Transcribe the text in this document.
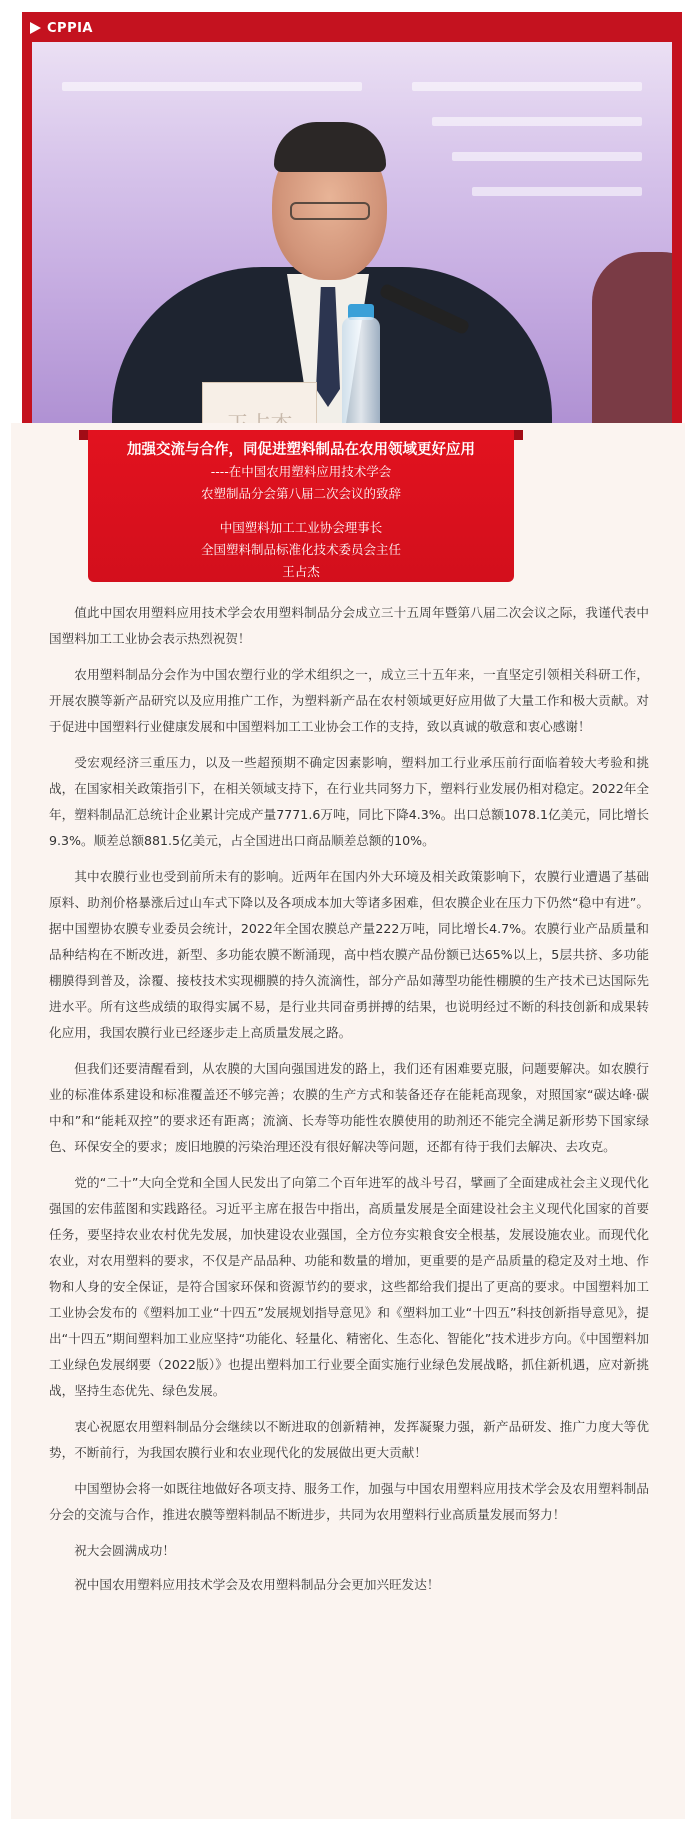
CPPIA
加强交流与合作，同促进塑料制品在农用领域更好应用
----在中国农用塑料应用技术学会
农塑制品分会第八届二次会议的致辞
中国塑料加工工业协会理事长
全国塑料制品标准化技术委员会主任
王占杰

值此中国农用塑料应用技术学会农用塑料制品分会成立三十五周年暨第八届二次会议之际，我谨代表中国塑料加工工业协会表示热烈祝贺！

农用塑料制品分会作为中国农塑行业的学术组织之一，成立三十五年来，一直坚定引领相关科研工作，开展农膜等新产品研究以及应用推广工作，为塑料新产品在农村领域更好应用做了大量工作和极大贡献。对于促进中国塑料行业健康发展和中国塑料加工工业协会工作的支持，致以真诚的敬意和衷心感谢！

受宏观经济三重压力，以及一些超预期不确定因素影响，塑料加工行业承压前行面临着较大考验和挑战，在国家相关政策指引下，在相关领域支持下，在行业共同努力下，塑料行业发展仍相对稳定。2022年全年，塑料制品汇总统计企业累计完成产量7771.6万吨，同比下降4.3%。出口总额1078.1亿美元，同比增长9.3%。顺差总额881.5亿美元，占全国进出口商品顺差总额的10%。

其中农膜行业也受到前所未有的影响。近两年在国内外大环境及相关政策影响下，农膜行业遭遇了基础原料、助剂价格暴涨后过山车式下降以及各项成本加大等诸多困难，但农膜企业在压力下仍然“稳中有进”。据中国塑协农膜专业委员会统计，2022年全国农膜总产量222万吨，同比增长4.7%。农膜行业产品质量和品种结构在不断改进，新型、多功能农膜不断涌现，高中档农膜产品份额已达65%以上，5层共挤、多功能棚膜得到普及，涂覆、接枝技术实现棚膜的持久流滴性，部分产品如薄型功能性棚膜的生产技术已达国际先进水平。所有这些成绩的取得实属不易，是行业共同奋勇拼搏的结果，也说明经过不断的科技创新和成果转化应用，我国农膜行业已经逐步走上高质量发展之路。

但我们还要清醒看到，从农膜的大国向强国进发的路上，我们还有困难要克服，问题要解决。如农膜行业的标准体系建设和标准覆盖还不够完善；农膜的生产方式和装备还存在能耗高现象，对照国家“碳达峰·碳中和”和“能耗双控”的要求还有距离；流滴、长寿等功能性农膜使用的助剂还不能完全满足新形势下国家绿色、环保安全的要求；废旧地膜的污染治理还没有很好解决等问题，还都有待于我们去解决、去攻克。

党的“二十”大向全党和全国人民发出了向第二个百年进军的战斗号召，擘画了全面建成社会主义现代化强国的宏伟蓝图和实践路径。习近平主席在报告中指出，高质量发展是全面建设社会主义现代化国家的首要任务，要坚持农业农村优先发展，加快建设农业强国，全方位夯实粮食安全根基，发展设施农业。而现代化农业，对农用塑料的要求，不仅是产品品种、功能和数量的增加，更重要的是产品质量的稳定及对土地、作物和人身的安全保证，是符合国家环保和资源节约的要求，这些都给我们提出了更高的要求。中国塑料加工工业协会发布的《塑料加工业“十四五”发展规划指导意见》和《塑料加工业“十四五”科技创新指导意见》，提出“十四五”期间塑料加工业应坚持“功能化、轻量化、精密化、生态化、智能化”技术进步方向。《中国塑料加工业绿色发展纲要（2022版）》也提出塑料加工行业要全面实施行业绿色发展战略，抓住新机遇，应对新挑战，坚持生态优先、绿色发展。

衷心祝愿农用塑料制品分会继续以不断进取的创新精神，发挥凝聚力强，新产品研发、推广力度大等优势，不断前行，为我国农膜行业和农业现代化的发展做出更大贡献！

中国塑协会将一如既往地做好各项支持、服务工作，加强与中国农用塑料应用技术学会及农用塑料制品分会的交流与合作，推进农膜等塑料制品不断进步，共同为农用塑料行业高质量发展而努力！

祝大会圆满成功！

祝中国农用塑料应用技术学会及农用塑料制品分会更加兴旺发达！
